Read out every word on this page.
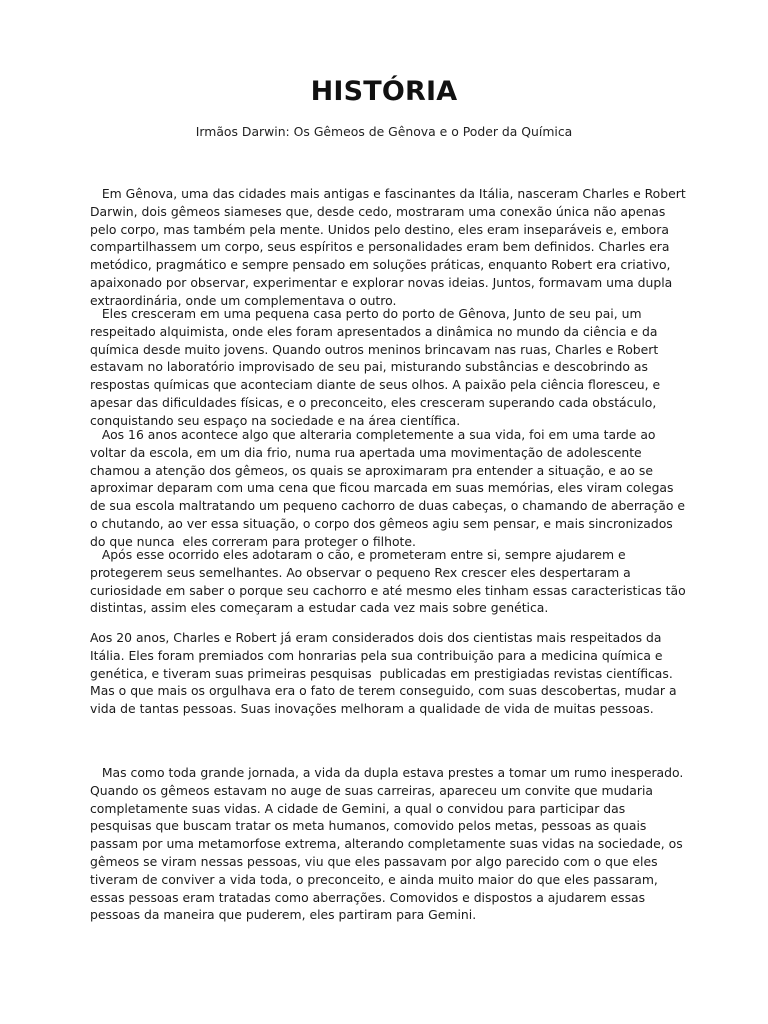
HISTÓRIA
Irmãos Darwin: Os Gêmeos de Gênova e o Poder da Química
Em Gênova, uma das cidades mais antigas e fascinantes da Itália, nasceram Charles e Robert Darwin, dois gêmeos siameses que, desde cedo, mostraram uma conexão única não apenas pelo corpo, mas também pela mente. Unidos pelo destino, eles eram inseparáveis e, embora compartilhassem um corpo, seus espíritos e personalidades eram bem definidos. Charles era metódico, pragmático e sempre pensado em soluções práticas, enquanto Robert era criativo, apaixonado por observar, experimentar e explorar novas ideias. Juntos, formavam uma dupla extraordinária, onde um complementava o outro.
Eles cresceram em uma pequena casa perto do porto de Gênova, Junto de seu pai, um respeitado alquimista, onde eles foram apresentados a dinâmica no mundo da ciência e da química desde muito jovens. Quando outros meninos brincavam nas ruas, Charles e Robert estavam no laboratório improvisado de seu pai, misturando substâncias e descobrindo as respostas químicas que aconteciam diante de seus olhos. A paixão pela ciência floresceu, e apesar das dificuldades físicas, e o preconceito, eles cresceram superando cada obstáculo, conquistando seu espaço na sociedade e na área científica.
Aos 16 anos acontece algo que alteraria completemente a sua vida, foi em uma tarde ao voltar da escola, em um dia frio, numa rua apertada uma movimentação de adolescente chamou a atenção dos gêmeos, os quais se aproximaram pra entender a situação, e ao se aproximar deparam com uma cena que ficou marcada em suas memórias, eles viram colegas de sua escola maltratando um pequeno cachorro de duas cabeças, o chamando de aberração e o chutando, ao ver essa situação, o corpo dos gêmeos agiu sem pensar, e mais sincronizados do que nunca  eles correram para proteger o filhote.
Após esse ocorrido eles adotaram o cão, e prometeram entre si, sempre ajudarem e protegerem seus semelhantes. Ao observar o pequeno Rex crescer eles despertaram a curiosidade em saber o porque seu cachorro e até mesmo eles tinham essas caracteristicas tão distintas, assim eles começaram a estudar cada vez mais sobre genética.
Aos 20 anos, Charles e Robert já eram considerados dois dos cientistas mais respeitados da Itália. Eles foram premiados com honrarias pela sua contribuição para a medicina química e genética, e tiveram suas primeiras pesquisas  publicadas em prestigiadas revistas científicas. Mas o que mais os orgulhava era o fato de terem conseguido, com suas descobertas, mudar a vida de tantas pessoas. Suas inovações melhoram a qualidade de vida de muitas pessoas.
Mas como toda grande jornada, a vida da dupla estava prestes a tomar um rumo inesperado. Quando os gêmeos estavam no auge de suas carreiras, apareceu um convite que mudaria completamente suas vidas. A cidade de Gemini, a qual o convidou para participar das pesquisas que buscam tratar os meta humanos, comovido pelos metas, pessoas as quais passam por uma metamorfose extrema, alterando completamente suas vidas na sociedade, os gêmeos se viram nessas pessoas, viu que eles passavam por algo parecido com o que eles tiveram de conviver a vida toda, o preconceito, e ainda muito maior do que eles passaram, essas pessoas eram tratadas como aberrações. Comovidos e dispostos a ajudarem essas pessoas da maneira que puderem, eles partiram para Gemini.
